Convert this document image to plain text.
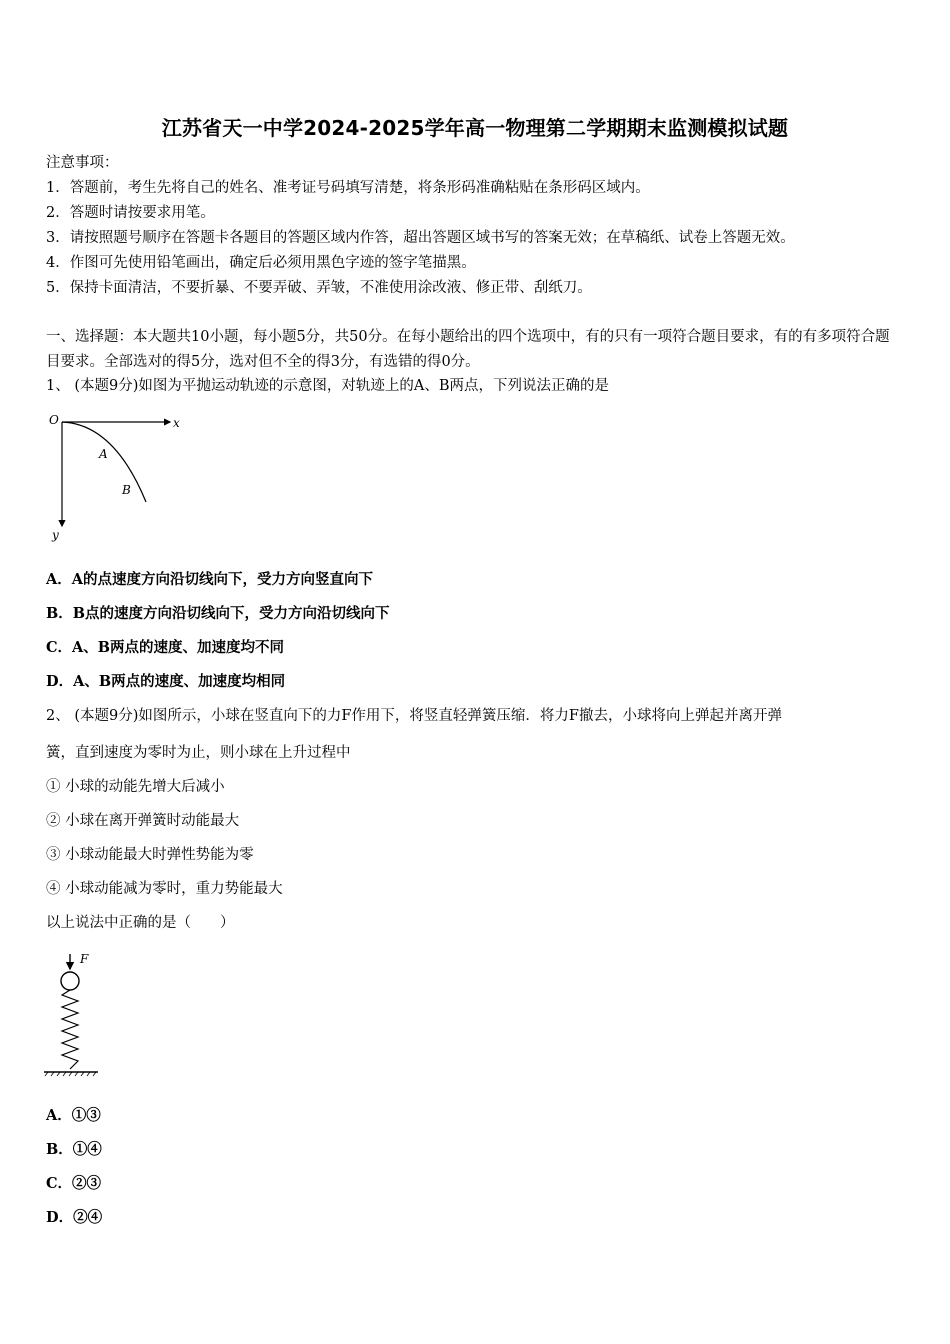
江苏省天一中学2024-2025学年高一物理第二学期期末监测模拟试题
注意事项：
1．答题前，考生先将自己的姓名、准考证号码填写清楚，将条形码准确粘贴在条形码区域内。
2．答题时请按要求用笔。
3．请按照题号顺序在答题卡各题目的答题区域内作答，超出答题区域书写的答案无效；在草稿纸、试卷上答题无效。
4．作图可先使用铅笔画出，确定后必须用黑色字迹的签字笔描黑。
5．保持卡面清洁，不要折暴、不要弄破、弄皱，不准使用涂改液、修正带、刮纸刀。
一、选择题：本大题共10小题，每小题5分，共50分。在每小题给出的四个选项中，有的只有一项符合题目要求，有的有多项符合题目要求。全部选对的得5分，选对但不全的得3分，有选错的得0分。
1、 (本题9分)如图为平抛运动轨迹的示意图，对轨迹上的A、B两点，下列说法正确的是
O	x
y
A
B
A．A的点速度方向沿切线向下，受力方向竖直向下
B．B点的速度方向沿切线向下，受力方向沿切线向下
C．A、B两点的速度、加速度均不同
D．A、B两点的速度、加速度均相同
2、 (本题9分)如图所示，小球在竖直向下的力F作用下，将竖直轻弹簧压缩．将力F撤去，小球将向上弹起并离开弹
簧，直到速度为零时为止，则小球在上升过程中
① 小球的动能先增大后减小
② 小球在离开弹簧时动能最大
③ 小球动能最大时弹性势能为零
④ 小球动能减为零时，重力势能最大
以上说法中正确的是（　　）
F
A．①③
B．①④
C．②③
D．②④
